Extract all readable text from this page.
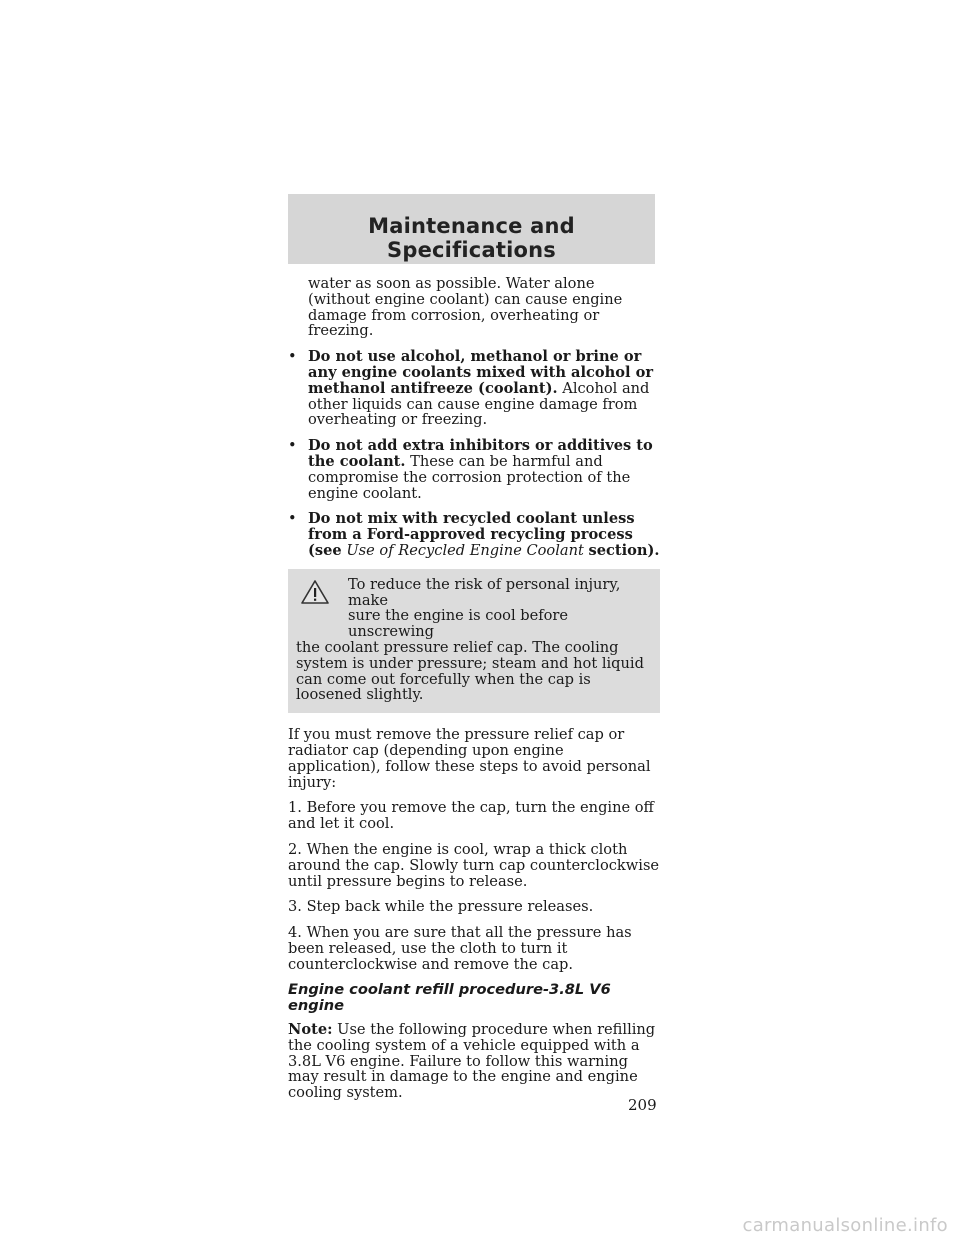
Maintenance and Specifications

water as soon as possible. Water alone (without engine coolant) can cause engine damage from corrosion, overheating or freezing.

• Do not use alcohol, methanol or brine or any engine coolants mixed with alcohol or methanol antifreeze (coolant). Alcohol and other liquids can cause engine damage from overheating or freezing.
• Do not add extra inhibitors or additives to the coolant. These can be harmful and compromise the corrosion protection of the engine coolant.
• Do not mix with recycled coolant unless from a Ford-approved recycling process (see Use of Recycled Engine Coolant section).
To reduce the risk of personal injury, make
sure the engine is cool before unscrewing
the coolant pressure relief cap. The cooling system is under pressure; steam and hot liquid can come out forcefully when the cap is loosened slightly.

If you must remove the pressure relief cap or radiator cap (depending upon engine application), follow these steps to avoid personal injury:

1. Before you remove the cap, turn the engine off and let it cool.

2. When the engine is cool, wrap a thick cloth around the cap. Slowly turn cap counterclockwise until pressure begins to release.

3. Step back while the pressure releases.

4. When you are sure that all the pressure has been released, use the cloth to turn it counterclockwise and remove the cap.

Engine coolant refill procedure-3.8L V6 engine

Note: Use the following procedure when refilling the cooling system of a vehicle equipped with a 3.8L V6 engine. Failure to follow this warning may result in damage to the engine and engine cooling system.

209
carmanualsonline.info
